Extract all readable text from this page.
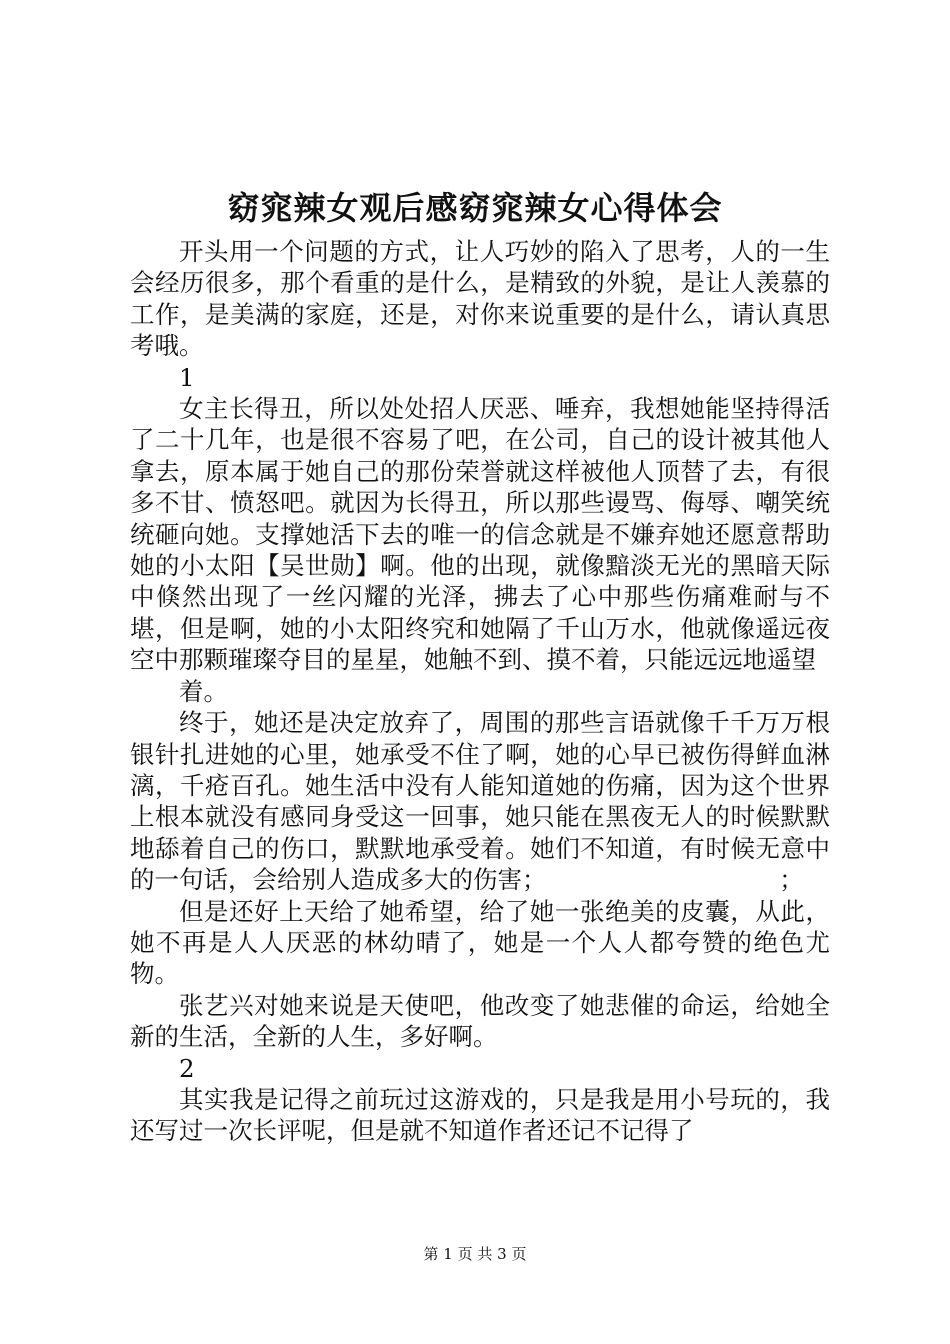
窈窕辣女观后感窈窕辣女心得体会

开头用一个问题的方式，让人巧妙的陷入了思考，人的一生会经历很多，那个看重的是什么，是精致的外貌，是让人羡慕的工作，是美满的家庭，还是，对你来说重要的是什么，请认真思考哦。

1

女主长得丑，所以处处招人厌恶、唾弃，我想她能坚持得活了二十几年，也是很不容易了吧，在公司，自己的设计被其他人拿去，原本属于她自己的那份荣誉就这样被他人顶替了去，有很多不甘、愤怒吧。就因为长得丑，所以那些谩骂、侮辱、嘲笑统统砸向她。支撑她活下去的唯一的信念就是不嫌弃她还愿意帮助她的小太阳【吴世勋】啊。他的出现，就像黯淡无光的黑暗天际中倏然出现了一丝闪耀的光泽，拂去了心中那些伤痛难耐与不堪，但是啊，她的小太阳终究和她隔了千山万水，他就像遥远夜空中那颗璀璨夺目的星星，她触不到、摸不着，只能远远地遥望

着。

终于，她还是决定放弃了，周围的那些言语就像千千万万根银针扎进她的心里，她承受不住了啊，她的心早已被伤得鲜血淋漓，千疮百孔。她生活中没有人能知道她的伤痛，因为这个世界上根本就没有感同身受这一回事，她只能在黑夜无人的时候默默地舔着自己的伤口，默默地承受着。她们不知道，有时候无意中的一句话，会给别人造成多大的伤害；　　　　　　　　　　；

但是还好上天给了她希望，给了她一张绝美的皮囊，从此，她不再是人人厌恶的林幼晴了，她是一个人人都夸赞的绝色尤物。

张艺兴对她来说是天使吧，他改变了她悲催的命运，给她全新的生活，全新的人生，多好啊。

2

其实我是记得之前玩过这游戏的，只是我是用小号玩的，我还写过一次长评呢，但是就不知道作者还记不记得了

第 1 页 共 3 页
